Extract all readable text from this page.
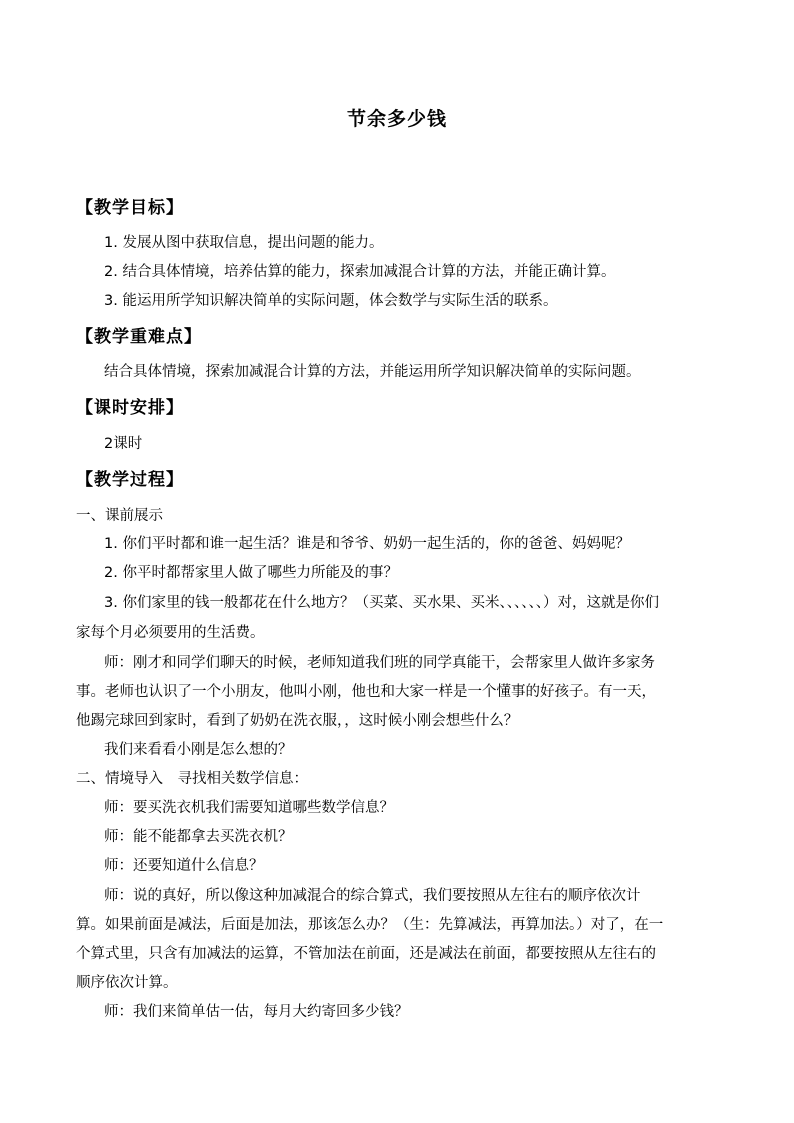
节余多少钱
【教学目标】
1. 发展从图中获取信息，提出问题的能力。
2. 结合具体情境，培养估算的能力，探索加减混合计算的方法，并能正确计算。
3. 能运用所学知识解决简单的实际问题，体会数学与实际生活的联系。
【教学重难点】
结合具体情境，探索加减混合计算的方法，并能运用所学知识解决简单的实际问题。
【课时安排】
2课时
【教学过程】
一、课前展示
1. 你们平时都和谁一起生活？谁是和爷爷、奶奶一起生活的，你的爸爸、妈妈呢？
2. 你平时都帮家里人做了哪些力所能及的事？
3. 你们家里的钱一般都花在什么地方？（买菜、买水果、买米、、、、、、）对，这就是你们
家每个月必须要用的生活费。
师：刚才和同学们聊天的时候，老师知道我们班的同学真能干，会帮家里人做许多家务
事。老师也认识了一个小朋友，他叫小刚，他也和大家一样是一个懂事的好孩子。有一天，
他踢完球回到家时，看到了奶奶在洗衣服，，这时候小刚会想些什么？
我们来看看小刚是怎么想的？
二、情境导入　寻找相关数学信息：
师：要买洗衣机我们需要知道哪些数学信息？
师：能不能都拿去买洗衣机？
师：还要知道什么信息？
师：说的真好，所以像这种加减混合的综合算式，我们要按照从左往右的顺序依次计
算。如果前面是减法，后面是加法，那该怎么办？（生：先算减法，再算加法。）对了，在一
个算式里，只含有加减法的运算，不管加法在前面，还是减法在前面，都要按照从左往右的
顺序依次计算。
师：我们来简单估一估，每月大约寄回多少钱？
